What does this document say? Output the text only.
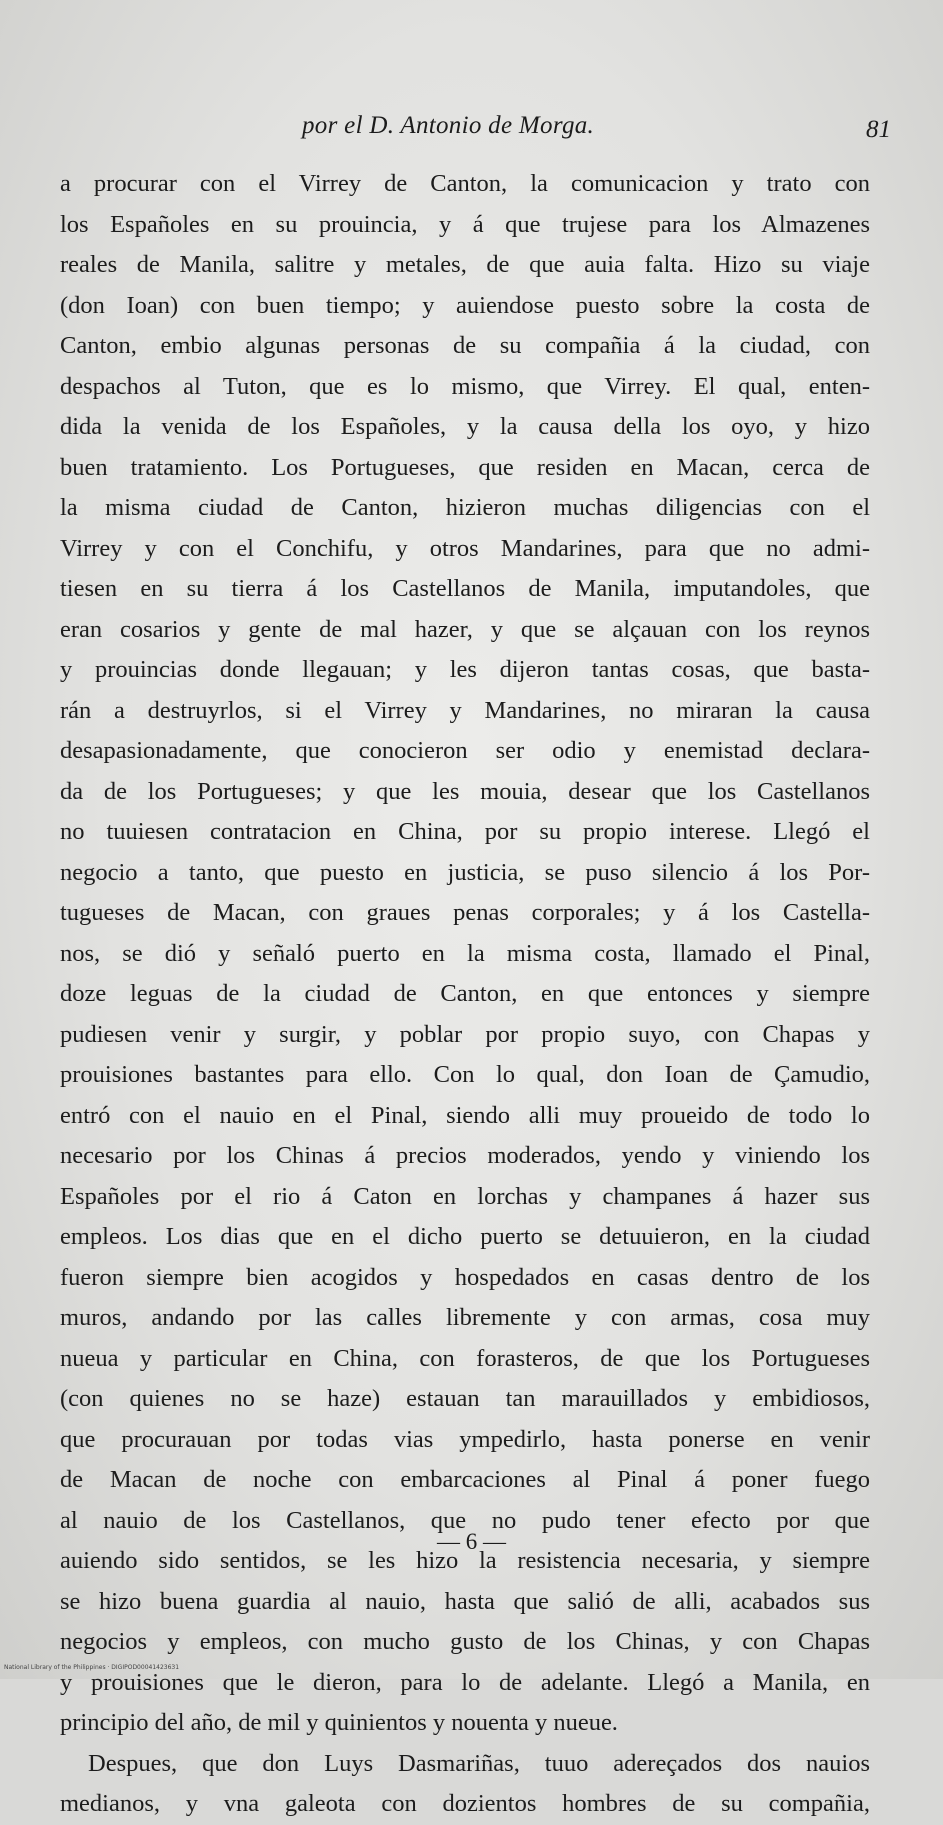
por el D. Antonio de Morga.	81
a procurar con el Virrey de Canton, la comunicacion y trato con
los Españoles en su prouincia, y á que trujese para los Almazenes
reales de Manila, salitre y metales, de que auia falta. Hizo su viaje
(don Ioan) con buen tiempo; y auiendose puesto sobre la costa de
Canton, embio algunas personas de su compañia á la ciudad, con
despachos al Tuton, que es lo mismo, que Virrey. El qual, enten-
dida la venida de los Españoles, y la causa della los oyo, y hizo
buen tratamiento. Los Portugueses, que residen en Macan, cerca de
la misma ciudad de Canton, hizieron muchas diligencias con el
Virrey y con el Conchifu, y otros Mandarines, para que no admi-
tiesen en su tierra á los Castellanos de Manila, imputandoles, que
eran cosarios y gente de mal hazer, y que se alçauan con los reynos
y prouincias donde llegauan; y les dijeron tantas cosas, que basta-
rán a destruyrlos, si el Virrey y Mandarines, no miraran la causa
desapasionadamente, que conocieron ser odio y enemistad declara-
da de los Portugueses; y que les mouia, desear que los Castellanos
no tuuiesen contratacion en China, por su propio interese. Llegó el
negocio a tanto, que puesto en justicia, se puso silencio á los Por-
tugueses de Macan, con graues penas corporales; y á los Castella-
nos, se dió y señaló puerto en la misma costa, llamado el Pinal,
doze leguas de la ciudad de Canton, en que entonces y siempre
pudiesen venir y surgir, y poblar por propio suyo, con Chapas y
prouisiones bastantes para ello. Con lo qual, don Ioan de Çamudio,
entró con el nauio en el Pinal, siendo alli muy proueido de todo lo
necesario por los Chinas á precios moderados, yendo y viniendo los
Españoles por el rio á Caton en lorchas y champanes á hazer sus
empleos. Los dias que en el dicho puerto se detuuieron, en la ciudad
fueron siempre bien acogidos y hospedados en casas dentro de los
muros, andando por las calles libremente y con armas, cosa muy
nueua y particular en China, con forasteros, de que los Portugueses
(con quienes no se haze) estauan tan marauillados y embidiosos,
que procurauan por todas vias ympedirlo, hasta ponerse en venir
de Macan de noche con embarcaciones al Pinal á poner fuego
al nauio de los Castellanos, que no pudo tener efecto por que
auiendo sido sentidos, se les hizo la resistencia necesaria, y siempre
se hizo buena guardia al nauio, hasta que salió de alli, acabados sus
negocios y empleos, con mucho gusto de los Chinas, y con Chapas
y prouisiones que le dieron, para lo de adelante. Llegó a Manila, en
principio del año, de mil y quinientos y nouenta y nueue.
Despues, que don Luys Dasmariñas, tuuo adereçados dos nauios
medianos, y vna galeota con dozientos hombres de su compañia,
— 6 —
National Library of the Philippines · DIGIPOD00041423631
